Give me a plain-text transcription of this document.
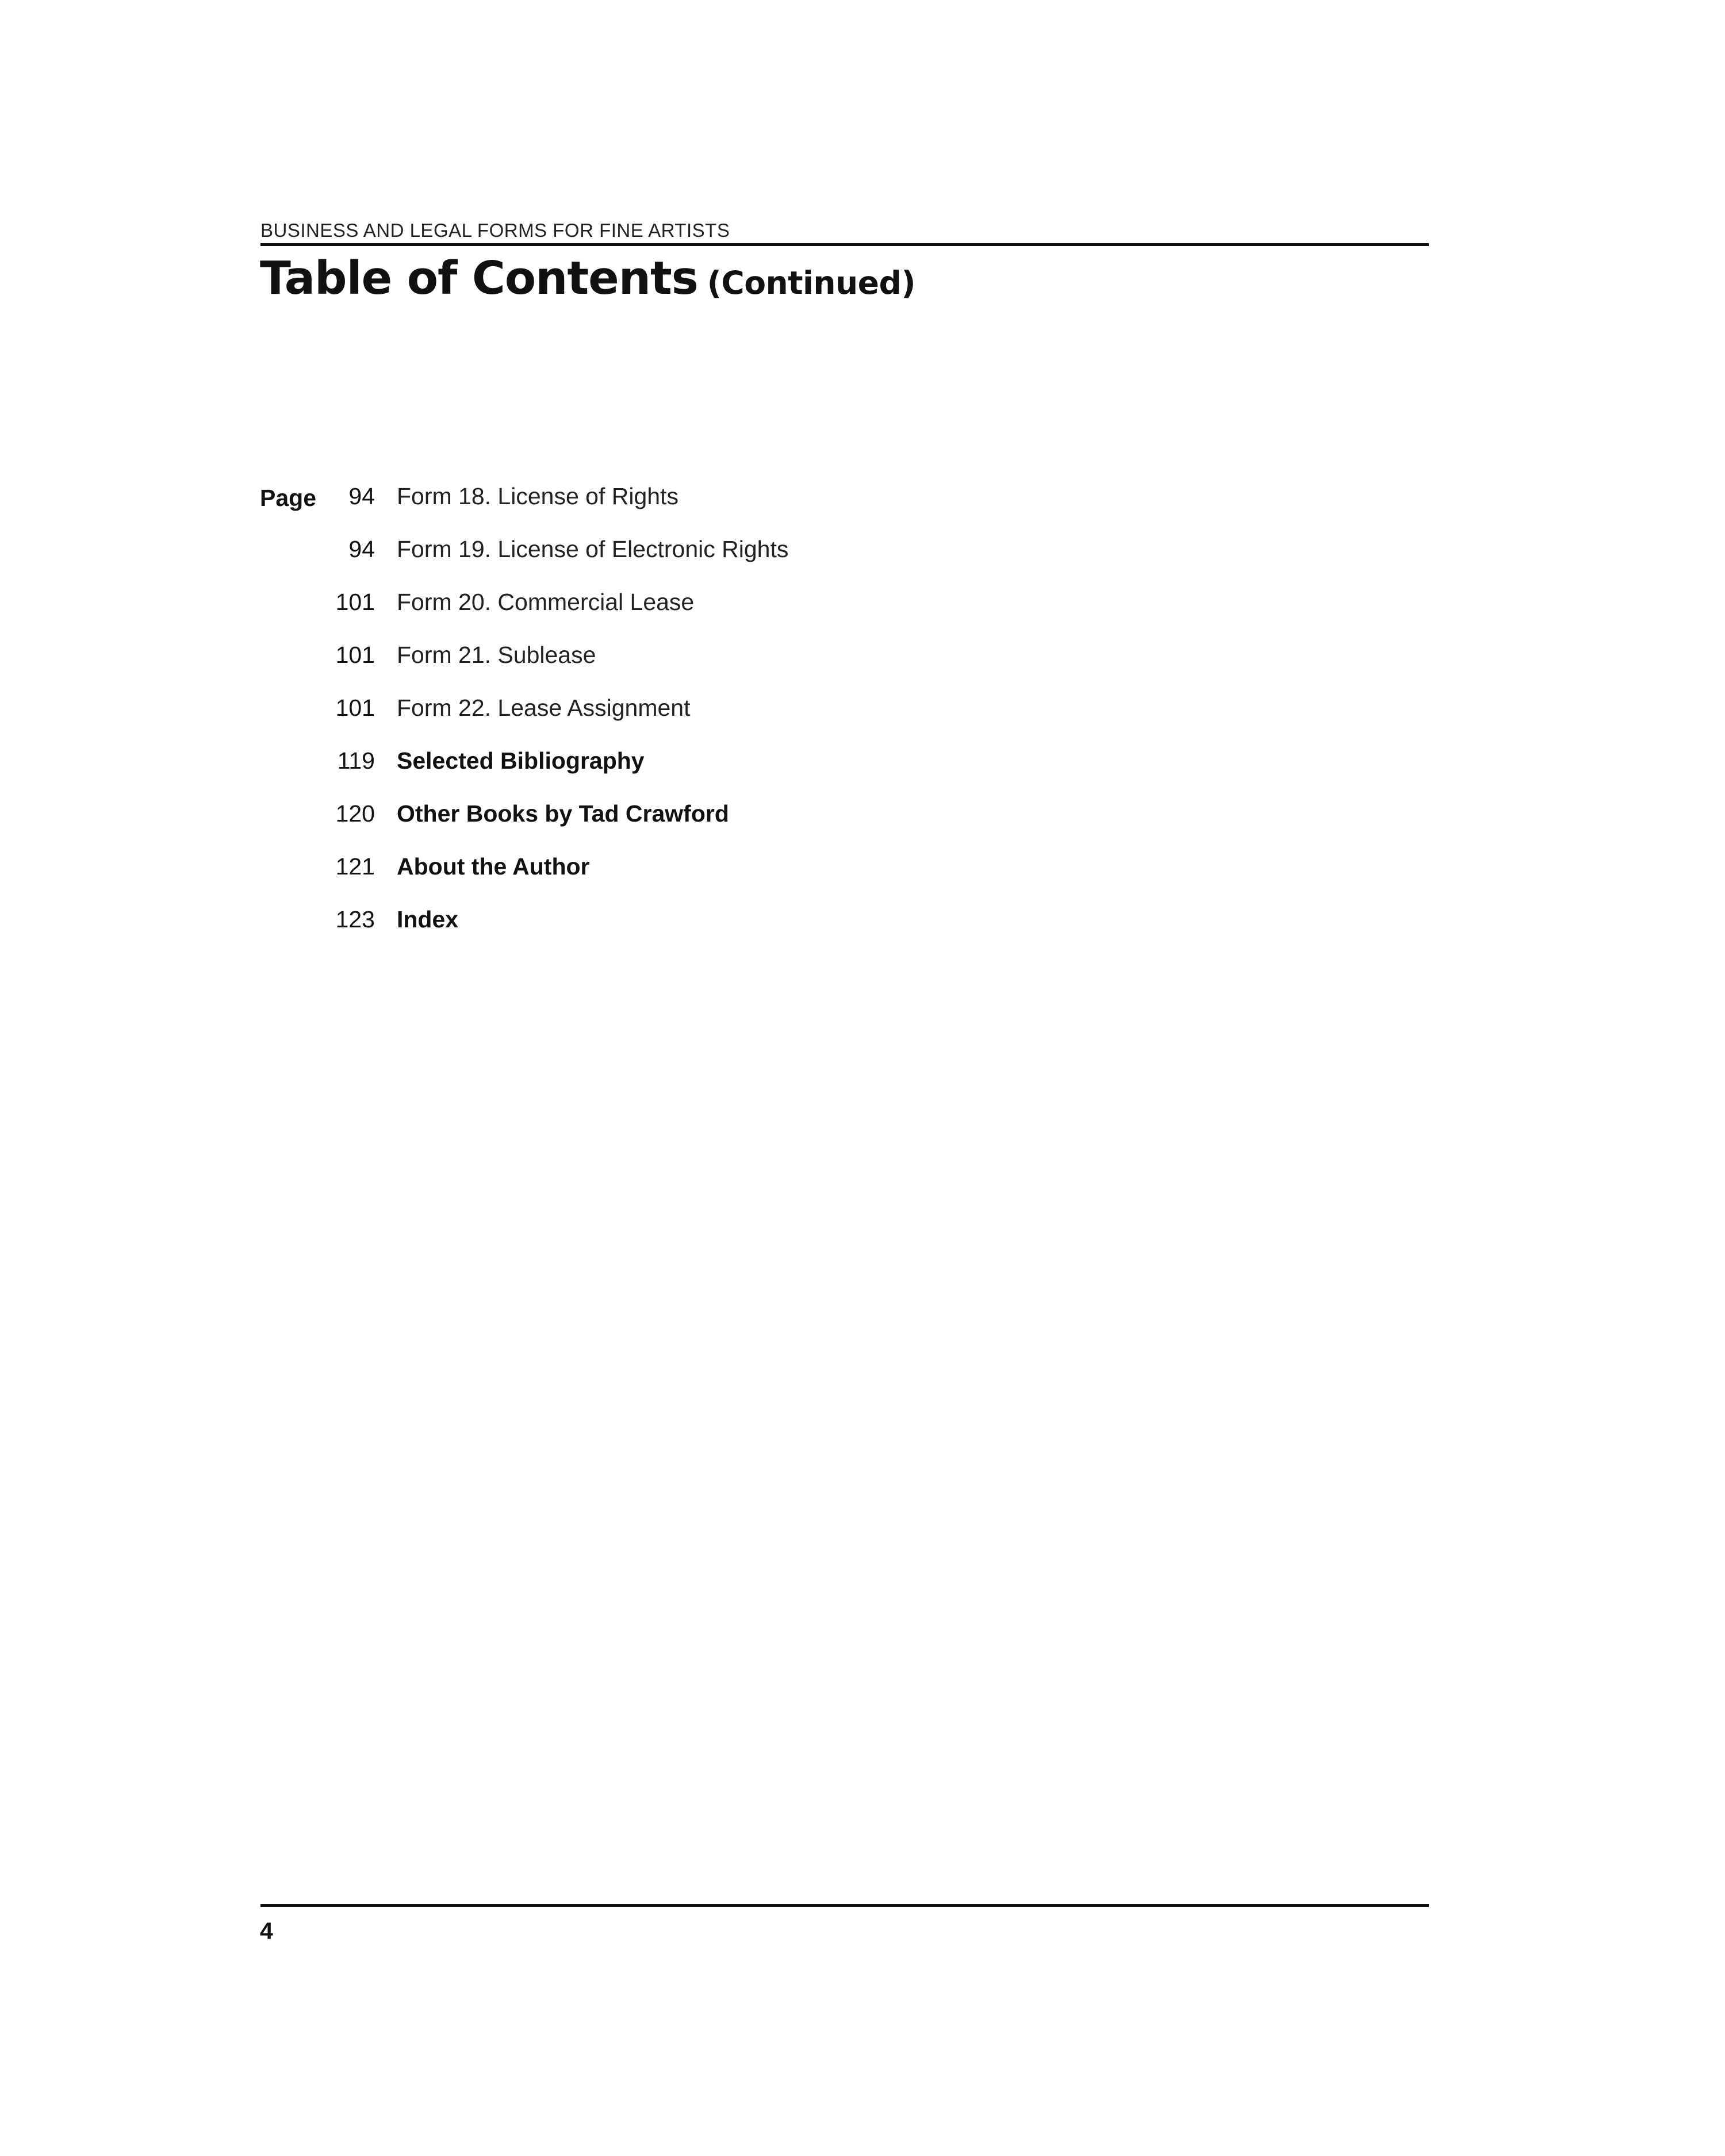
BUSINESS AND LEGAL FORMS FOR FINE ARTISTS
Table of Contents (Continued)
Page 94 Form 18. License of Rights
94 Form 19. License of Electronic Rights
101 Form 20. Commercial Lease
101 Form 21. Sublease
101 Form 22. Lease Assignment
119 Selected Bibliography
120 Other Books by Tad Crawford
121 About the Author
123 Index
4
